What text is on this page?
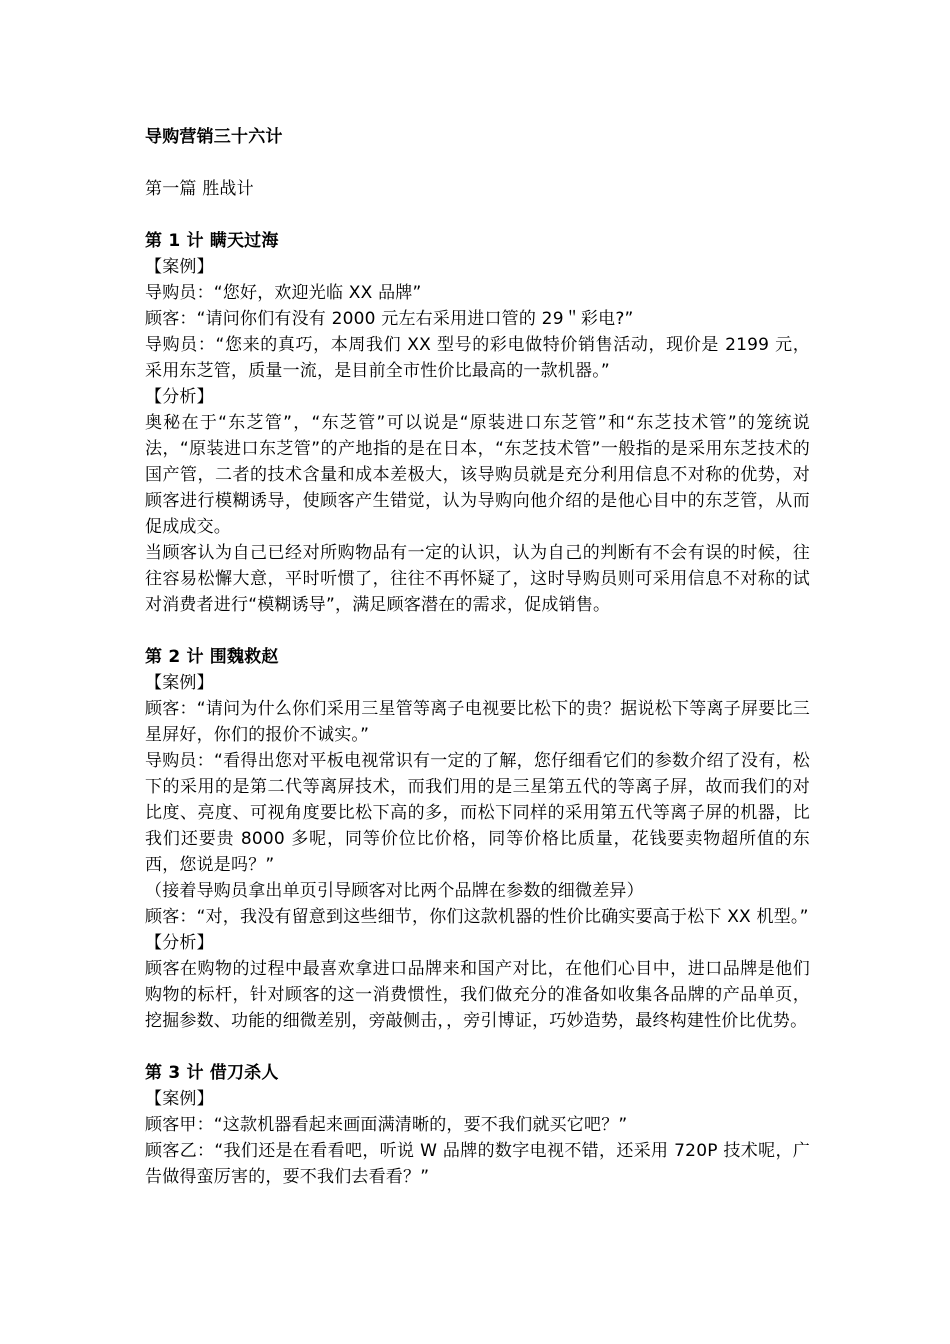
导购营销三十六计

第一篇 胜战计

第 1 计 瞒天过海

【案例】

导购员：“您好，欢迎光临 XX 品牌”

顾客：“请问你们有没有 2000 元左右采用进口管的 29＂彩电?”

导购员：“您来的真巧，本周我们 XX 型号的彩电做特价销售活动，现价是 2199 元，采用东芝管，质量一流，是目前全市性价比最高的一款机器。”

【分析】

奥秘在于“东芝管”，“东芝管”可以说是“原装进口东芝管”和“东芝技术管”的笼统说法，“原装进口东芝管”的产地指的是在日本，“东芝技术管”一般指的是采用东芝技术的国产管，二者的技术含量和成本差极大，该导购员就是充分利用信息不对称的优势，对顾客进行模糊诱导，使顾客产生错觉，认为导购向他介绍的是他心目中的东芝管，从而促成成交。

当顾客认为自己已经对所购物品有一定的认识，认为自己的判断有不会有误的时候，往往容易松懈大意，平时听惯了，往往不再怀疑了，这时导购员则可采用信息不对称的试对消费者进行“模糊诱导”，满足顾客潜在的需求，促成销售。

第 2 计 围魏救赵

【案例】

顾客：“请问为什么你们采用三星管等离子电视要比松下的贵？据说松下等离子屏要比三星屏好，你们的报价不诚实。”

导购员：“看得出您对平板电视常识有一定的了解，您仔细看它们的参数介绍了没有，松下的采用的是第二代等离屏技术，而我们用的是三星第五代的等离子屏，故而我们的对比度、亮度、可视角度要比松下高的多，而松下同样的采用第五代等离子屏的机器，比我们还要贵 8000 多呢，同等价位比价格，同等价格比质量，花钱要卖物超所值的东西，您说是吗？”

（接着导购员拿出单页引导顾客对比两个品牌在参数的细微差异）

顾客：“对，我没有留意到这些细节，你们这款机器的性价比确实要高于松下 XX 机型。”

【分析】

顾客在购物的过程中最喜欢拿进口品牌来和国产对比，在他们心目中，进口品牌是他们购物的标杆，针对顾客的这一消费惯性，我们做充分的准备如收集各品牌的产品单页，挖掘参数、功能的细微差别，旁敲侧击，，旁引博证，巧妙造势，最终构建性价比优势。

第 3 计 借刀杀人

【案例】

顾客甲：“这款机器看起来画面满清晰的，要不我们就买它吧？”

顾客乙：“我们还是在看看吧，听说 W 品牌的数字电视不错，还采用 720P 技术呢，广告做得蛮厉害的，要不我们去看看？”
